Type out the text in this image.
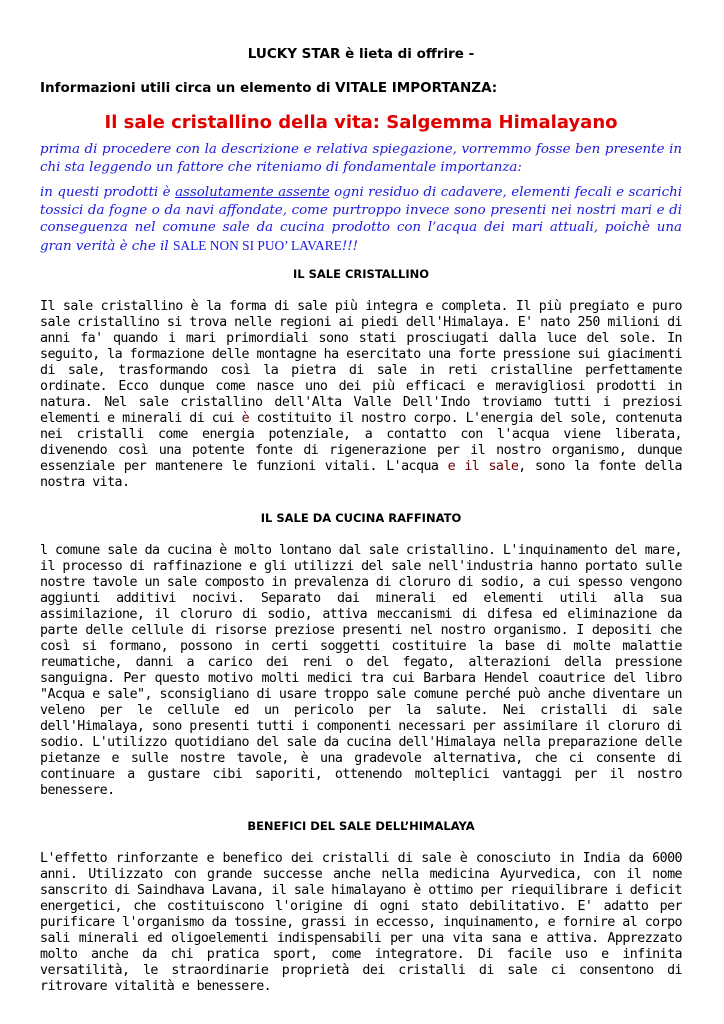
LUCKY STAR è lieta di offrire -

Informazioni utili circa un elemento di VITALE IMPORTANZA:

Il sale cristallino della vita: Salgemma Himalayano

prima di procedere con la descrizione e relativa spiegazione, vorremmo fosse ben presente in chi sta leggendo un fattore che riteniamo di fondamentale importanza:

in questi prodotti è assolutamente assente ogni residuo di cadavere, elementi fecali e scarichi tossici da fogne o da navi affondate, come purtroppo invece sono presenti nei nostri mari e di conseguenza nel comune sale da cucina prodotto con l’acqua dei mari attuali, poichè una gran verità è che il SALE NON SI PUO’ LAVARE!!!

IL SALE CRISTALLINO

Il sale cristallino è la forma di sale più integra e completa. Il più pregiato e puro sale cristallino si trova nelle regioni ai piedi dell'Himalaya. E' nato 250 milioni di anni fa' quando i mari primordiali sono stati prosciugati dalla luce del sole. In seguito, la formazione delle montagne ha esercitato una forte pressione sui giacimenti di sale, trasformando così la pietra di sale in reti cristalline perfettamente ordinate. Ecco dunque come nasce uno dei più efficaci e meravigliosi prodotti in natura. Nel sale cristallino dell'Alta Valle Dell'Indo troviamo tutti i preziosi elementi e minerali di cui è costituito il nostro corpo. L'energia del sole, contenuta nei cristalli come energia potenziale, a contatto con l'acqua viene liberata, divenendo così una potente fonte di rigenerazione per il nostro organismo, dunque essenziale per mantenere le funzioni vitali. L'acqua e il sale, sono la fonte della nostra vita.

IL SALE DA CUCINA RAFFINATO

l comune sale da cucina è molto lontano dal sale cristallino. L'inquinamento del mare, il processo di raffinazione e gli utilizzi del sale nell'industria hanno portato sulle nostre tavole un sale composto in prevalenza di cloruro di sodio, a cui spesso vengono aggiunti additivi nocivi. Separato dai minerali ed elementi utili alla sua assimilazione, il cloruro di sodio, attiva meccanismi di difesa ed eliminazione da parte delle cellule di risorse preziose presenti nel nostro organismo. I depositi che così si formano, possono in certi soggetti costituire la base di molte malattie reumatiche, danni a carico dei reni o del fegato, alterazioni della pressione sanguigna. Per questo motivo molti medici tra cui Barbara Hendel coautrice del libro "Acqua e sale", sconsigliano di usare troppo sale comune perché può anche diventare un veleno per le cellule ed un pericolo per la salute. Nei cristalli di sale dell'Himalaya, sono presenti tutti i componenti necessari per assimilare il cloruro di sodio. L'utilizzo quotidiano del sale da cucina dell'Himalaya nella preparazione delle pietanze e sulle nostre tavole, è una gradevole alternativa, che ci consente di continuare a gustare cibi saporiti, ottenendo molteplici vantaggi per il nostro benessere.

BENEFICI DEL SALE DELL’HIMALAYA

L'effetto rinforzante e benefico dei cristalli di sale è conosciuto in India da 6000 anni. Utilizzato con grande successe anche nella medicina Ayurvedica, con il nome sanscrito di Saindhava Lavana, il sale himalayano è ottimo per riequilibrare i deficit energetici, che costituiscono l'origine di ogni stato debilitativo. E' adatto per purificare l'organismo da tossine, grassi in eccesso, inquinamento, e fornire al corpo sali minerali ed oligoelementi indispensabili per una vita sana e attiva. Apprezzato molto anche da chi pratica sport, come integratore. Di facile uso e infinita versatilità, le straordinarie proprietà dei cristalli di sale ci consentono di ritrovare vitalità e benessere.
